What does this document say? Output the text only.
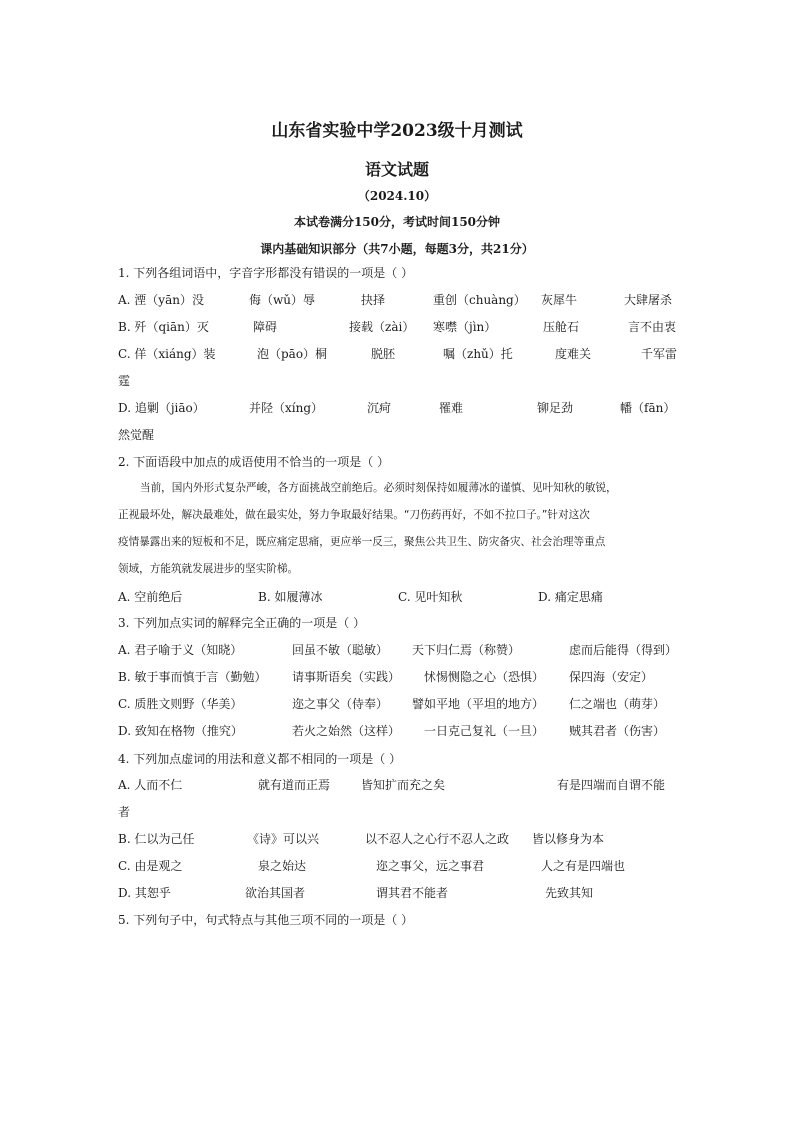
山东省实验中学2023级十月测试
语文试题
（2024.10）
本试卷满分150分，考试时间150分钟
课内基础知识部分（共7小题，每题3分，共21分）
1. 下列各组词语中，字音字形都没有错误的一项是（ ）
A. 湮（yān）没	侮（wǔ）辱	抉择	重创（chuàng） 灰犀牛	大肆屠杀
B. 歼（qiān）灭	障碍	接载（zài） 寒噤（jìn）	压舱石	言不由衷
C. 佯（xiáng）装	泡（pāo）桐	脱胚	嘱（zhǔ）托	度难关	千军雷
霆
D. 追剿（jiāo）	并陉（xíng）	沉疴	罹难	铆足劲	幡（fān）
然觉醒
2. 下面语段中加点的成语使用不恰当的一项是（ ）
当前，国内外形式复杂严峻，各方面挑战空前绝后。必须时刻保持如履薄冰的谨慎、见叶知秋的敏锐，
正视最坏处，解决最难处，做在最实处，努力争取最好结果。“刀伤药再好，不如不拉口子。”针对这次
疫情暴露出来的短板和不足，既应痛定思痛，更应举一反三，聚焦公共卫生、防灾备灾、社会治理等重点
领域，方能筑就发展进步的坚实阶梯。
A. 空前绝后	B. 如履薄冰	C. 见叶知秋	D. 痛定思痛
3. 下列加点实词的解释完全正确的一项是（ ）
A. 君子喻于义（知晓）	回虽不敏（聪敏） 天下归仁焉（称赞）	虑而后能得（得到）
B. 敏于事而慎于言（勤勉） 请事斯语矣（实践） 怵惕恻隐之心（恐惧） 保四海（安定）
C. 质胜文则野（华美）	迩之事父（侍奉） 譬如平地（平坦的地方） 仁之端也（萌芽）
D. 致知在格物（推究）	若火之始然（这样） 一日克己复礼（一旦） 贼其君者（伤害）
4. 下列加点虚词的用法和意义都不相同的一项是（ ）
A. 人而不仁	就有道而正焉	皆知扩而充之矣	有是四端而自谓不能
者
B. 仁以为己任	《诗》可以兴	以不忍人之心行不忍人之政 皆以修身为本
C. 由是观之	泉之始达	迩之事父，远之事君	人之有是四端也
D. 其恕乎	欲治其国者	谓其君不能者	先致其知
5. 下列句子中，句式特点与其他三项不同的一项是（ ）
